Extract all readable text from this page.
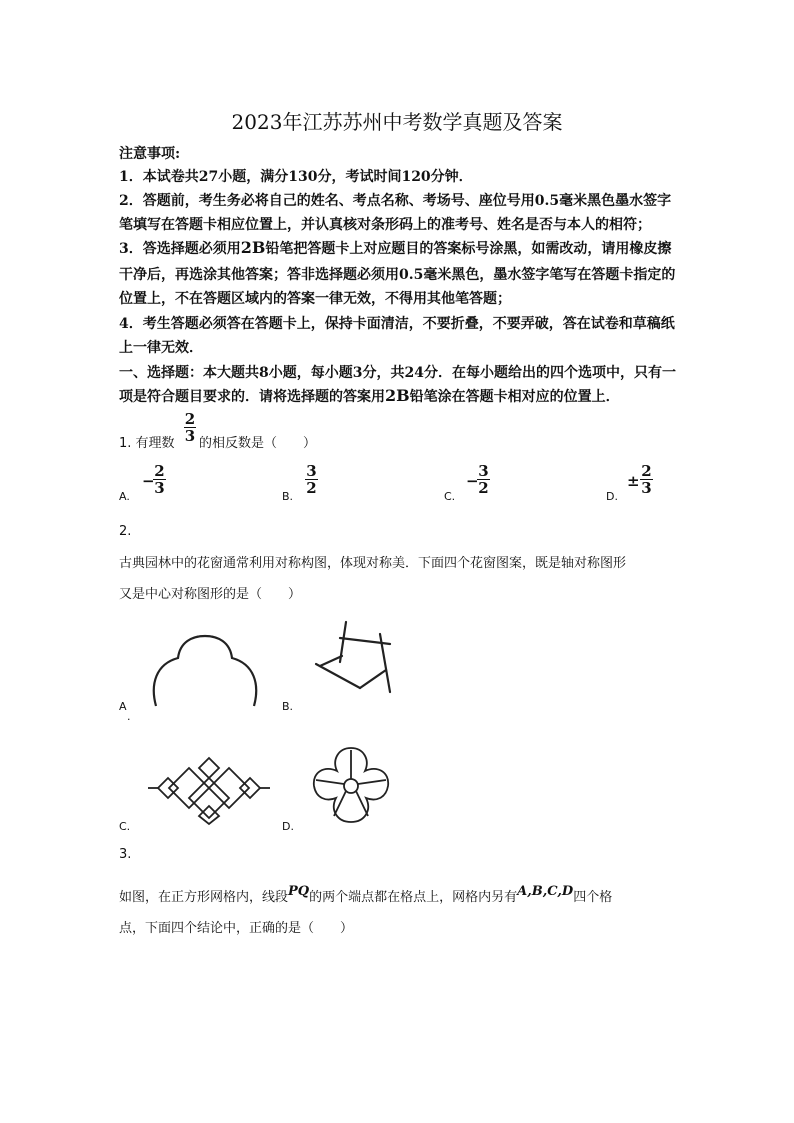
2023年江苏苏州中考数学真题及答案
注意事项:
1．本试卷共27小题，满分130分，考试时间120分钟．
2．答题前，考生务必将自己的姓名、考点名称、考场号、座位号用0.5毫米黑色墨水签字
笔填写在答题卡相应位置上，并认真核对条形码上的准考号、姓名是否与本人的相符；
3．答选择题必须用2B铅笔把答题卡上对应题目的答案标号涂黑，如需改动，请用橡皮擦
干净后，再选涂其他答案；答非选择题必须用0.5毫米黑色，墨水签字笔写在答题卡指定的
位置上，不在答题区域内的答案一律无效，不得用其他笔答题；
4．考生答题必须答在答题卡上，保持卡面清洁，不要折叠，不要弄破，答在试卷和草稿纸
上一律无效．
一、选择题：本大题共8小题，每小题3分，共24分．在每小题给出的四个选项中，只有一
项是符合题目要求的．请将选择题的答案用2B铅笔涂在答题卡相对应的位置上．
1. 有理数
2
3 的相反数是（　　）
A.
−
2
3	B.
3
2	C.
−
3
2	D.
±
2
3
2.
古典园林中的花窗通常利用对称构图，体现对称美．下面四个花窗图案，既是轴对称图形
又是中心对称图形的是（　　）
A
.
B.
C.	D.
3.
如图，在正方形网格内，线段PQ的两个端点都在格点上，网格内另有A,B,C,D四个格
点，下面四个结论中，正确的是（　　）
